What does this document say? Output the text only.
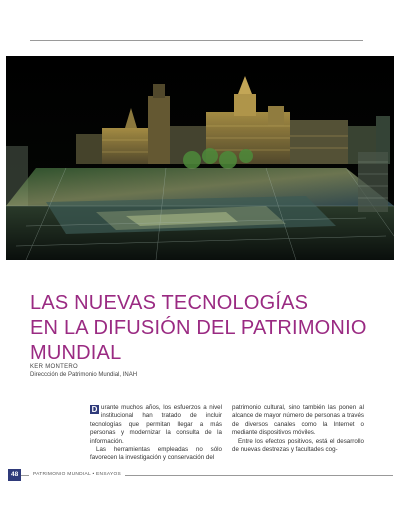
LAS NUEVAS TECNOLOGÍAS
EN LA DIFUSIÓN DEL PATRIMONIO
MUNDIAL
KER MONTERO
Direccción de Patrimonio Mundial, INAH

D urante muchos años, los esfuerzos a nivel institucional han tratado de incluir tecnologías que permitan llegar a más personas y modernizar la consulta de la información.

Las herramientas empleadas no sólo favorecen la investigación y conservación del

patrimonio cultural, sino también las ponen al alcance de mayor número de personas a través de diversos canales como la Internet o mediante dispositivos móviles.

Entre los efectos positivos, está el desarrollo de nuevas destrezas y facultades cog-

48	PATRIMONIO MUNDIAL • ENSAYOS
